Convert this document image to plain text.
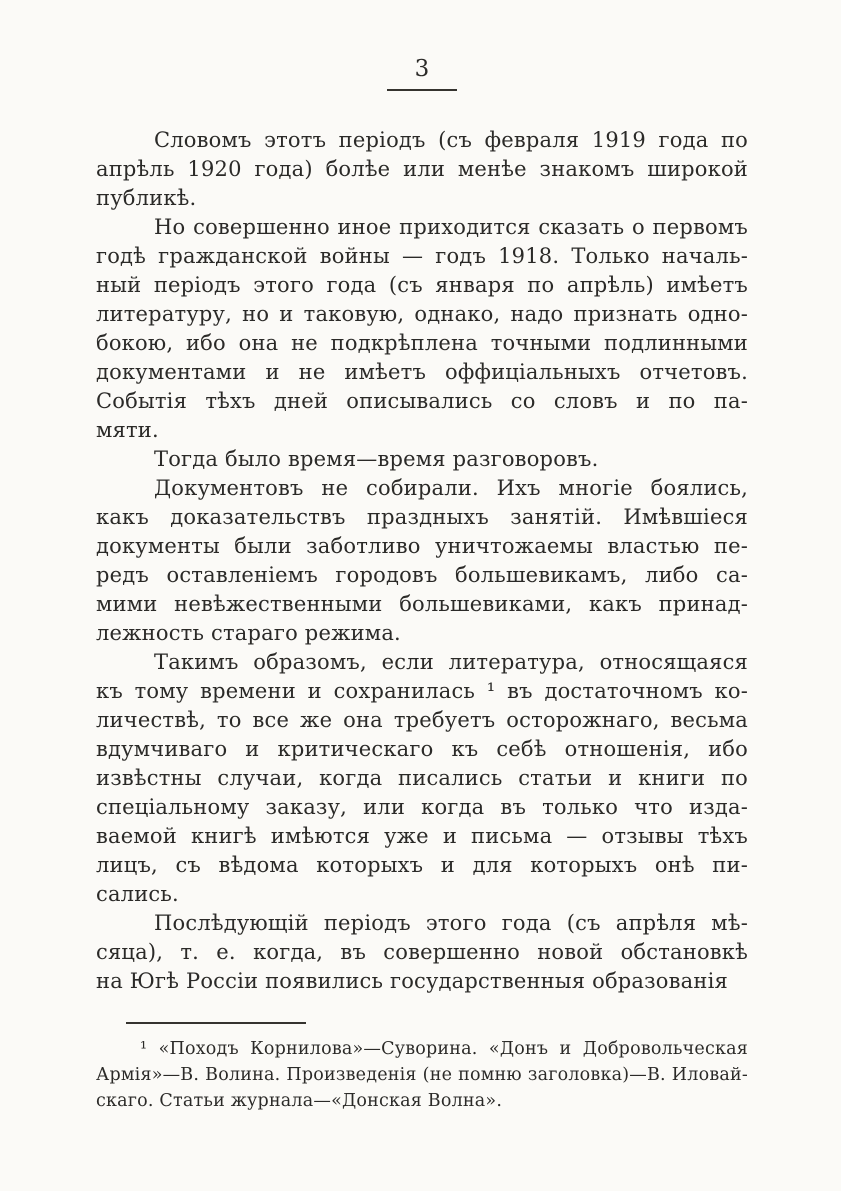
3
Словомъ этотъ періодъ (съ февраля 1919 года по
апрѣль 1920 года) болѣе или менѣе знакомъ широкой
публикѣ.
Но совершенно иное приходится сказать о первомъ
годѣ гражданской войны — годъ 1918. Только началь-
ный періодъ этого года (съ января по апрѣль) имѣетъ
литературу, но и таковую, однако, надо признать одно-
бокою, ибо она не подкрѣплена точными подлинными
документами и не имѣетъ оффиціальныхъ отчетовъ.
Событія тѣхъ дней описывались со словъ и по па-
мяти.
Тогда было время—время разговоровъ.
Документовъ не собирали. Ихъ многіе боялись,
какъ доказательствъ праздныхъ занятій. Имѣвшіеся
документы были заботливо уничтожаемы властью пе-
редъ оставленіемъ городовъ большевикамъ, либо са-
мими невѣжественными большевиками, какъ принад-
лежность стараго режима.
Такимъ образомъ, если литература, относящаяся
къ тому времени и сохранилась ¹ въ достаточномъ ко-
личествѣ, то все же она требуетъ осторожнаго, весьма
вдумчиваго и критическаго къ себѣ отношенія, ибо
извѣстны случаи, когда писались статьи и книги по
спеціальному заказу, или когда въ только что изда-
ваемой книгѣ имѣются уже и письма — отзывы тѣхъ
лицъ, съ вѣдома которыхъ и для которыхъ онѣ пи-
сались.
Послѣдующій періодъ этого года (съ апрѣля мѣ-
сяца), т. е. когда, въ совершенно новой обстановкѣ
на Югѣ Россіи появились государственныя образованія
¹ «Походъ Корнилова»—Суворина. «Донъ и Добровольческая
Армія»—В. Волина. Произведенія (не помню заголовка)—В. Иловай-
скаго. Статьи журнала—«Донская Волна».
